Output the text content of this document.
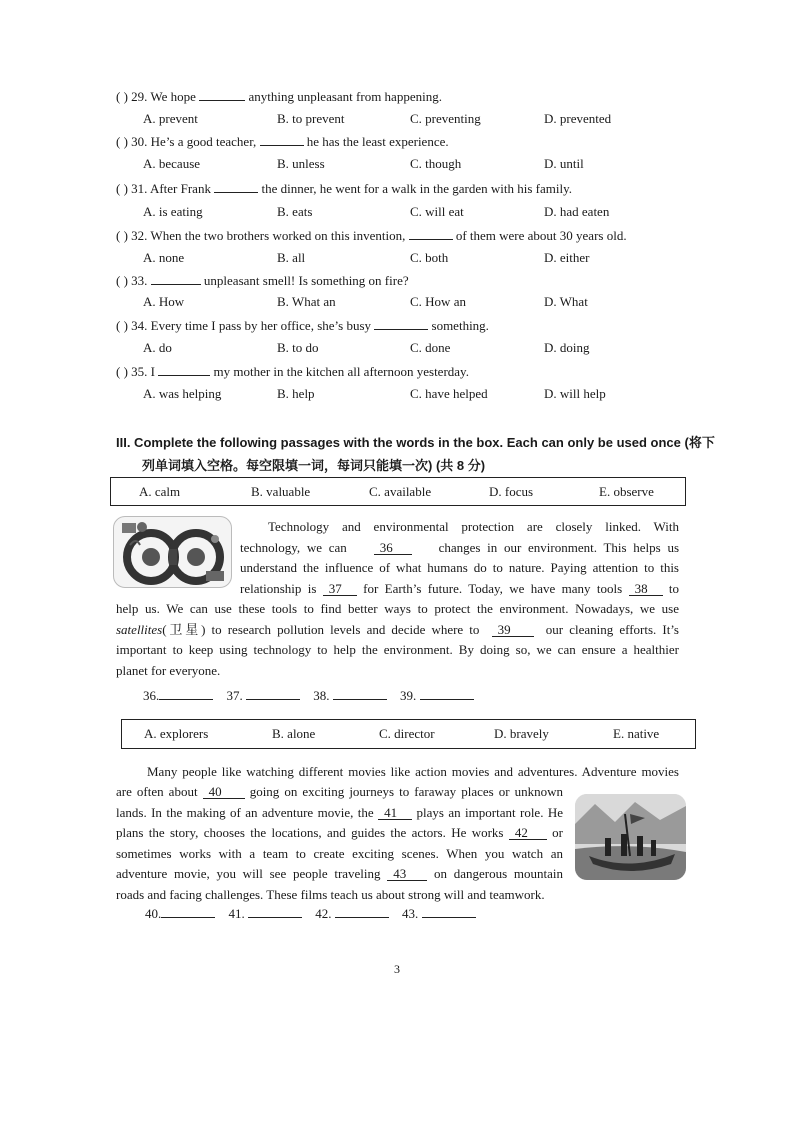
( ) 29. We hope	anything unpleasant from happening.
A. prevent	B. to prevent	C. preventing	D. prevented
( ) 30. He’s a good teacher,	he has the least experience.
A. because	B. unless	C. though	D. until
( ) 31. After Frank	the dinner, he went for a walk in the garden with his family.
A. is eating	B. eats	C. will eat	D. had eaten
( ) 32. When the two brothers worked on this invention,	of them were about 30 years old.
A. none	B. all	C. both	D. either
( ) 33.	unpleasant smell! Is something on fire?
A. How	B. What an	C. How an	D. What
( ) 34. Every time I pass by her office, she’s busy	something.
A. do	B. to do	C. done	D. doing
( ) 35. I	my mother in the kitchen all afternoon yesterday.
A. was helping	B. help	C. have helped	D. will help
III. Complete the following passages with the words in the box. Each can only be used once (将下
列单词填入空格。每空限填一词，每词只能填一次) (共 8 分)
A. calm	B. valuable	C. available	D. focus	E. observe
Technology and environmental protection are closely linked. With
technology, we can	36	changes in our environment. This helps us
understand the influence of what humans do to nature. Paying attention to this
relationship is 37 for Earth’s future. Today, we have many tools 38 to
help us. We can use these tools to find better ways to protect the environment. Nowadays, we use
satellites(卫星) to research pollution levels and decide where to 39	our cleaning efforts. It’s
important to keep using technology to help the environment. By doing so, we can ensure a healthier
planet for everyone.
36.	37.	38.	39.
A. explorers	B. alone	C. director	D. bravely	E. native
Many people like watching different movies like action movies and adventures. Adventure movies
are often about 40 going on exciting journeys to faraway places or unknown
lands. In the making of an adventure movie, the 41 plays an important role. He
plans the story, chooses the locations, and guides the actors. He works 42 or
sometimes works with a team to create exciting scenes. When you watch an
adventure movie, you will see people traveling 43 on dangerous mountain
roads and facing challenges. These films teach us about strong will and teamwork.
40.	41.	42.	43.
3
